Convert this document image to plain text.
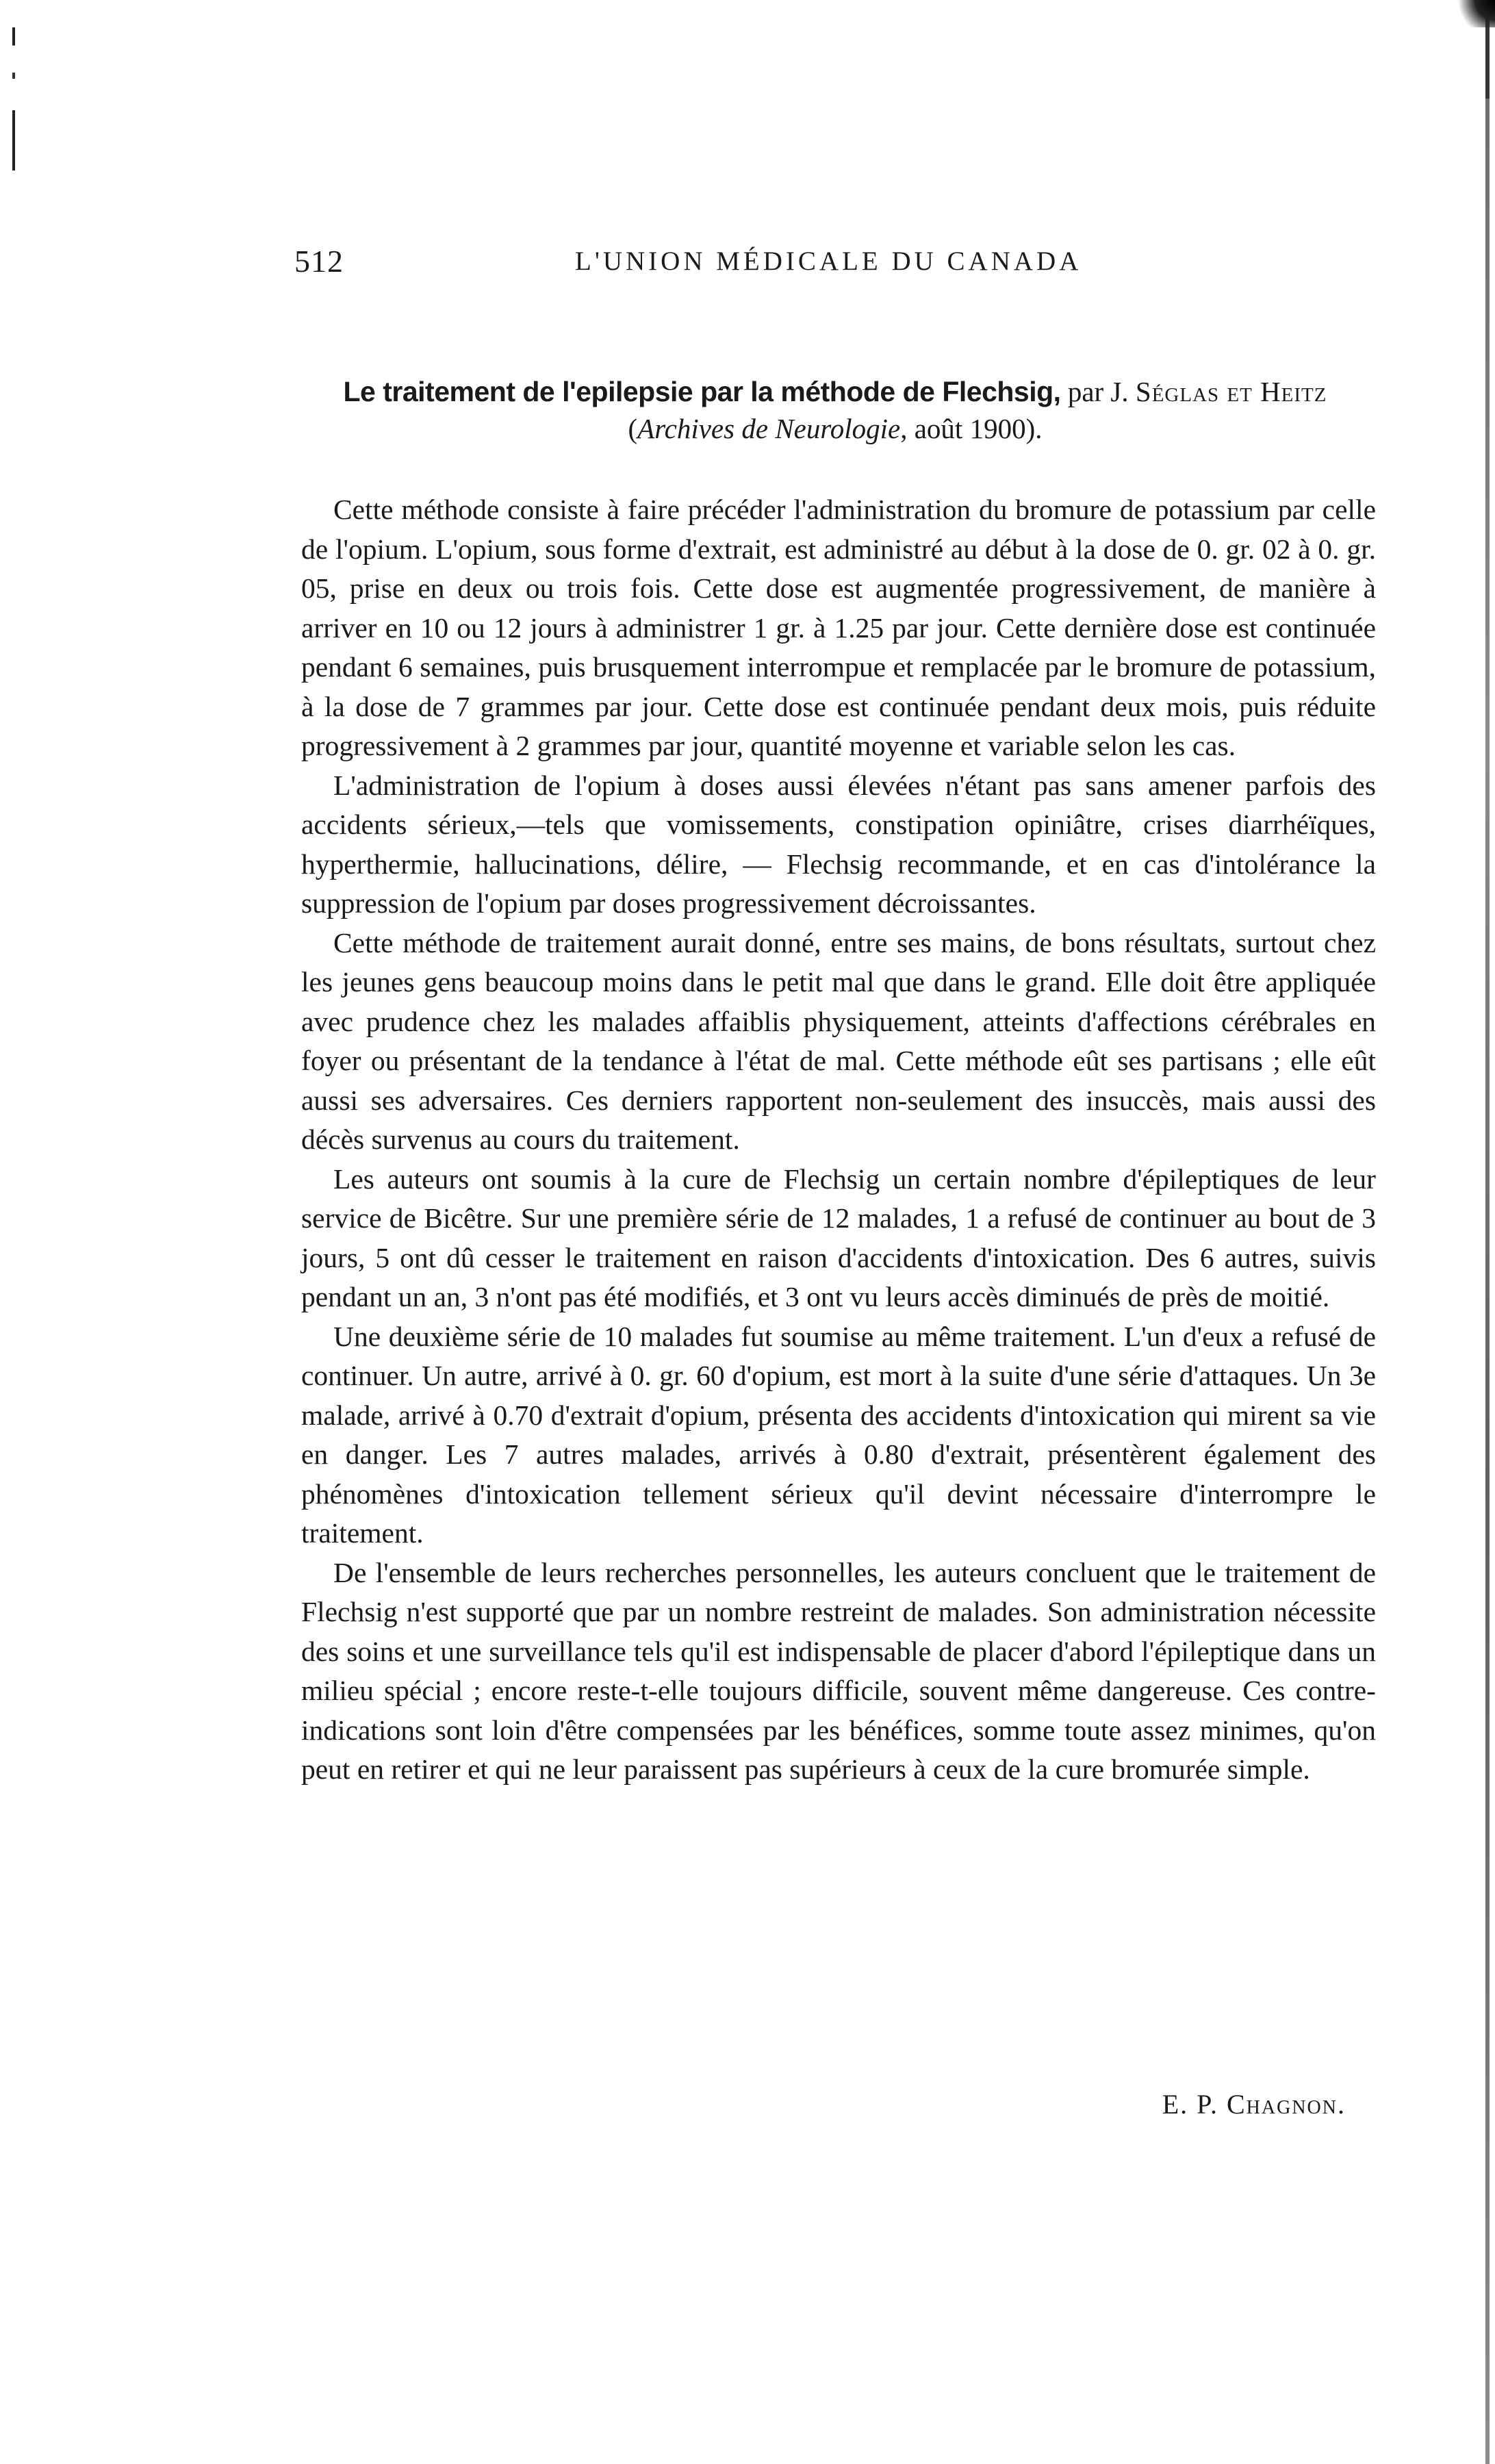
512	L'UNION MÉDICALE DU CANADA
Le traitement de l'epilepsie par la méthode de Flechsig, par J. Séglas et Heitz
(Archives de Neurologie, août 1900).

Cette méthode consiste à faire précéder l'administration du bromure de potassium par celle de l'opium. L'opium, sous forme d'extrait, est administré au début à la dose de 0. gr. 02 à 0. gr. 05, prise en deux ou trois fois. Cette dose est augmentée progressivement, de manière à arriver en 10 ou 12 jours à administrer 1 gr. à 1.25 par jour. Cette dernière dose est continuée pendant 6 semaines, puis brusquement interrompue et remplacée par le bromure de potassium, à la dose de 7 grammes par jour. Cette dose est continuée pendant deux mois, puis réduite progressivement à 2 grammes par jour, quantité moyenne et variable selon les cas.

L'administration de l'opium à doses aussi élevées n'étant pas sans amener parfois des accidents sérieux,—tels que vomissements, constipation opiniâtre, crises diarrhéïques, hyperthermie, hallucinations, délire, — Flechsig recommande, et en cas d'intolérance la suppression de l'opium par doses progressivement décroissantes.

Cette méthode de traitement aurait donné, entre ses mains, de bons résultats, surtout chez les jeunes gens beaucoup moins dans le petit mal que dans le grand. Elle doit être appliquée avec prudence chez les malades affaiblis physiquement, atteints d'affections cérébrales en foyer ou présentant de la tendance à l'état de mal. Cette méthode eût ses partisans ; elle eût aussi ses adversaires. Ces derniers rapportent non-seulement des insuccès, mais aussi des décès survenus au cours du traitement.

Les auteurs ont soumis à la cure de Flechsig un certain nombre d'épileptiques de leur service de Bicêtre. Sur une première série de 12 malades, 1 a refusé de continuer au bout de 3 jours, 5 ont dû cesser le traitement en raison d'accidents d'intoxication. Des 6 autres, suivis pendant un an, 3 n'ont pas été modifiés, et 3 ont vu leurs accès diminués de près de moitié.

Une deuxième série de 10 malades fut soumise au même traitement. L'un d'eux a refusé de continuer. Un autre, arrivé à 0. gr. 60 d'opium, est mort à la suite d'une série d'attaques. Un 3e malade, arrivé à 0.70 d'extrait d'opium, présenta des accidents d'intoxication qui mirent sa vie en danger. Les 7 autres malades, arrivés à 0.80 d'extrait, présentèrent également des phénomènes d'intoxication tellement sérieux qu'il devint nécessaire d'interrompre le traitement.

De l'ensemble de leurs recherches personnelles, les auteurs concluent que le traitement de Flechsig n'est supporté que par un nombre restreint de malades. Son administration nécessite des soins et une surveillance tels qu'il est indispensable de placer d'abord l'épileptique dans un milieu spécial ; encore reste-t-elle toujours difficile, souvent même dangereuse. Ces contre-indications sont loin d'être compensées par les bénéfices, somme toute assez minimes, qu'on peut en retirer et qui ne leur paraissent pas supérieurs à ceux de la cure bromurée simple.

E. P. Chagnon.
